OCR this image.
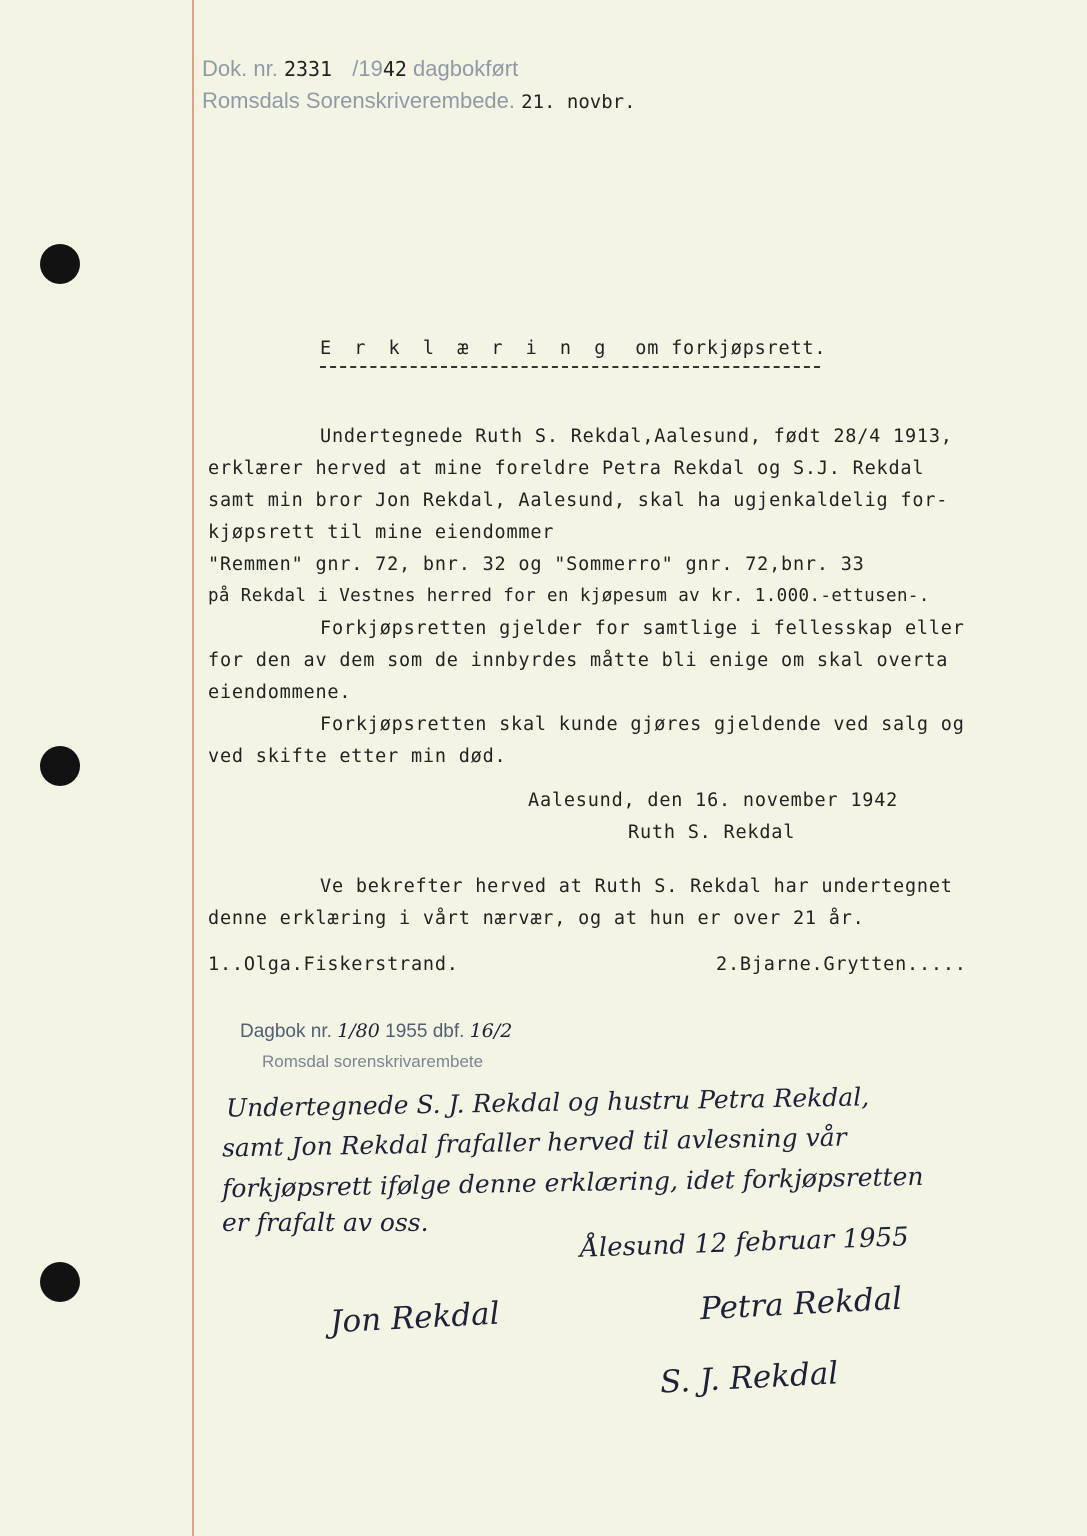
Dok. nr. 2331 /1942 dagbokført
Romsdals Sorenskriverembede. 21. novbr.
E r k l æ r i n g om forkjøpsrett.
Undertegnede Ruth S. Rekdal,Aalesund, født 28/4 1913,
erklærer herved at mine foreldre Petra Rekdal og S.J. Rekdal
samt min bror Jon Rekdal, Aalesund, skal ha ugjenkaldelig for-
kjøpsrett til mine eiendommer
"Remmen" gnr. 72, bnr. 32 og "Sommerro" gnr. 72,bnr. 33
på Rekdal i Vestnes herred for en kjøpesum av kr. 1.000.-ettusen-.
Forkjøpsretten gjelder for samtlige i fellesskap eller
for den av dem som de innbyrdes måtte bli enige om skal overta
eiendommene.
Forkjøpsretten skal kunde gjøres gjeldende ved salg og
ved skifte etter min død.
Aalesund, den 16. november 1942
Ruth S. Rekdal
Ve bekrefter herved at Ruth S. Rekdal har undertegnet
denne erklæring i vårt nærvær, og at hun er over 21 år.
1..Olga.Fiskerstrand.	2.Bjarne.Grytten.....
Dagbok nr. 1/80 1955 dbf. 16/2
Romsdal sorenskrivarembete
Undertegnede S. J. Rekdal og hustru Petra Rekdal,
samt Jon Rekdal frafaller herved til avlesning vår
forkjøpsrett ifølge denne erklæring, idet forkjøpsretten
er frafalt av oss.	Ålesund 12 februar 1955
Jon Rekdal	Petra Rekdal
S. J. Rekdal
